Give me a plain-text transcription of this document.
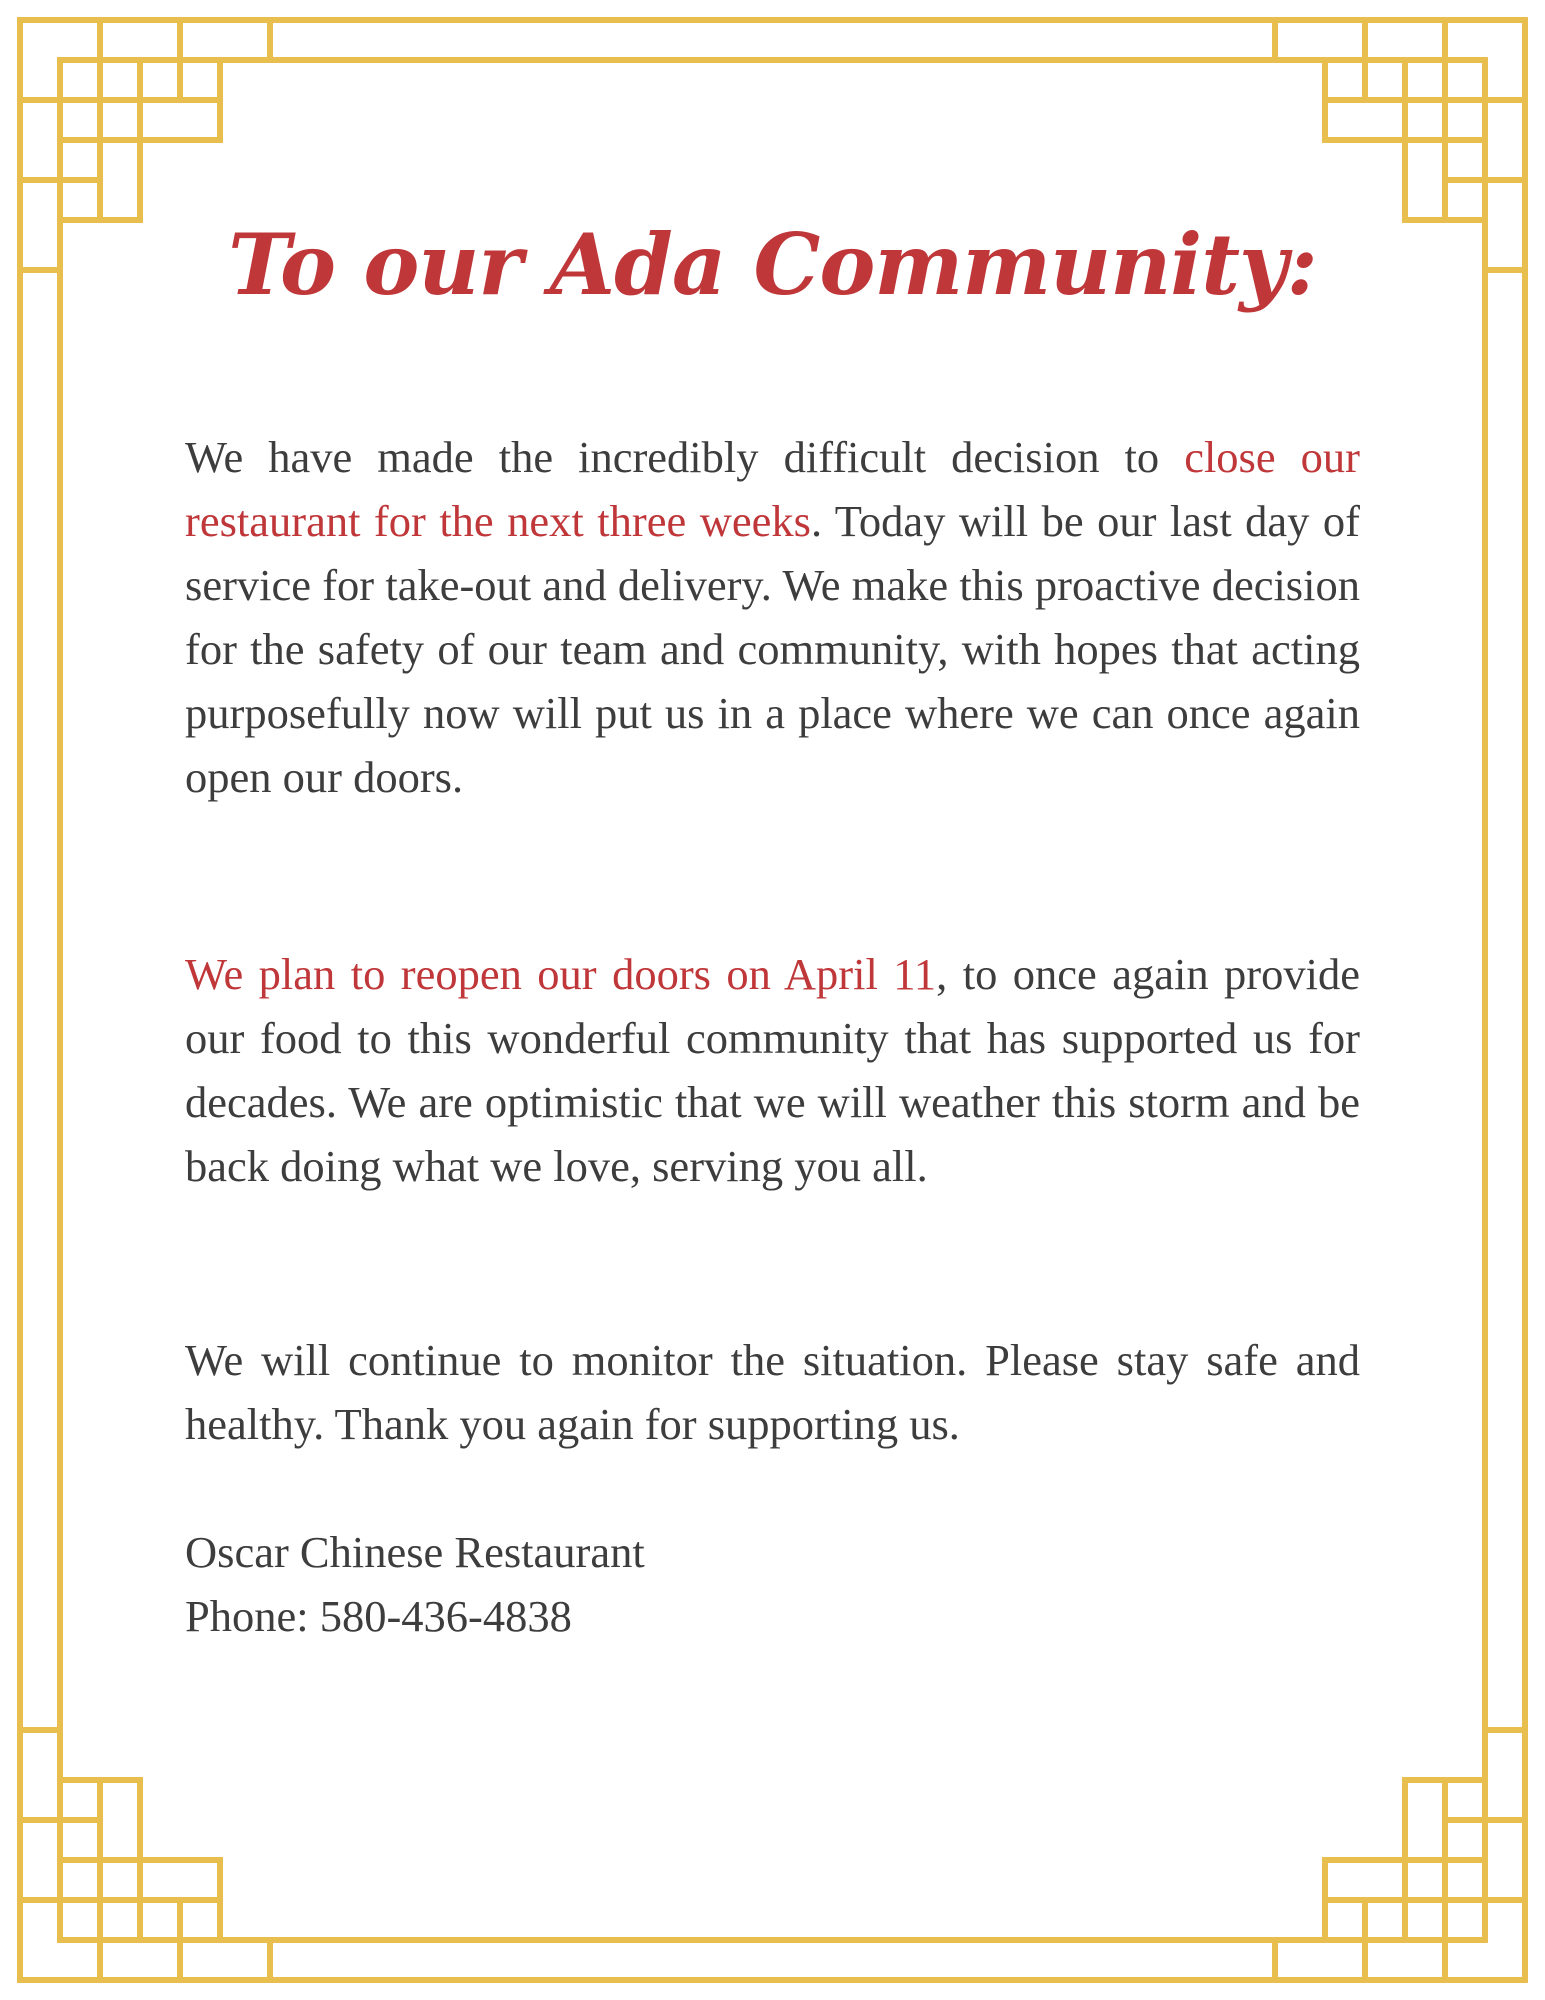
To our Ada Community:

We have made the incredibly difficult decision to close our restaurant for the next three weeks. Today will be our last day of service for take-out and delivery. We make this proactive decision for the safety of our team and community, with hopes that acting purposefully now will put us in a place where we can once again open our doors.

We plan to reopen our doors on April 11, to once again provide our food to this wonderful community that has supported us for decades. We are optimistic that we will weather this storm and be back doing what we love, serving you all.

We will continue to monitor the situation. Please stay safe and healthy. Thank you again for supporting us.

Oscar Chinese Restaurant

Phone: 580-436-4838
